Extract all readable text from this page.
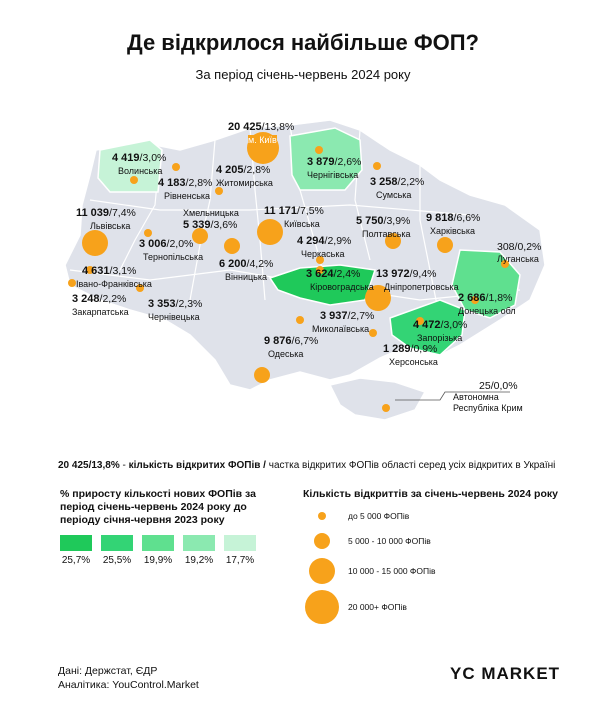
Де відкрилося найбільше ФОП?
За період січень-червень 2024 року
20 425/13,8%
м. Київ
4 419/3,0%
Волинська	4 205/2,8%
Житомирська
3 879/2,6%
Чернігівська
3 258/2,2%
Сумська
4 183/2,8%
Рівненська
11 039/7,4%
Львівська
Хмельницька
5 339/3,6%
11 171/7,5%
Київська	5 750/3,9%
Полтавська
9 818/6,6%
Харківська
3 006/2,0%
Тернопільська
4 294/2,9%
Черкаська
308/0,2%
Луганська
4 631/3,1%
Івано-Франківська
6 200/4,2%
Вінницька	3 624/2,4%
Кіровоградська
13 972/9,4%
Дніпропетровська
3 248/2,2%
Закарпатська
3 353/2,3%
Чернівецька
2 686/1,8%
Донецька обл
3 937/2,7%
Миколаївська	4 472/3,0%
Запорізька
9 876/6,7%
Одеська	1 289/0,9%
Херсонська
25/0,0%
Автономна
Республіка Крим
20 425/13,8% - кількість відкритих ФОПів / частка відкритих ФОПів області серед усіх відкритих в Україні
% приросту кількості нових ФОПів за період січень-червень 2024 року до періоду січня-червня 2023 року
25,7% 25,5% 19,9% 19,2% 17,7%
Кількість відкриттів за січень-червень 2024 року
до 5 000 ФОПів
5 000 - 10 000 ФОПів
10 000 - 15 000 ФОПів
20 000+ ФОПів
Дані: Держстат, ЄДР
Аналітика: YouControl.Market
YC MARKET
